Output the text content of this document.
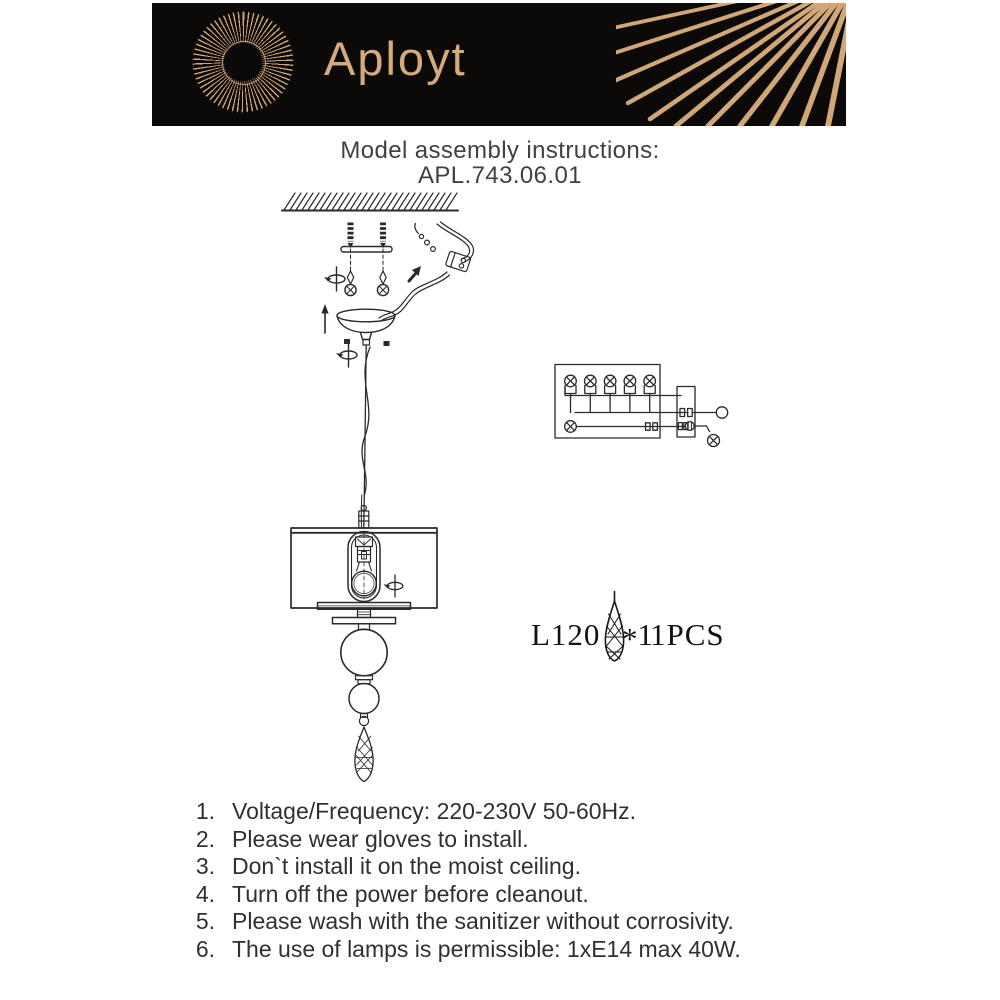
Aployt
Model assembly instructions:
APL.743.06.01
L120 *1
1PCS
1. Voltage/Frequency: 220-230V 50-60Hz.
2. Please wear gloves to install.
3. Don`t install it on the moist ceiling.
4. Turn off the power before cleanout.
5. Please wash with the sanitizer without corrosivity.
6. The use of lamps is permissible: 1xE14 max 40W.
